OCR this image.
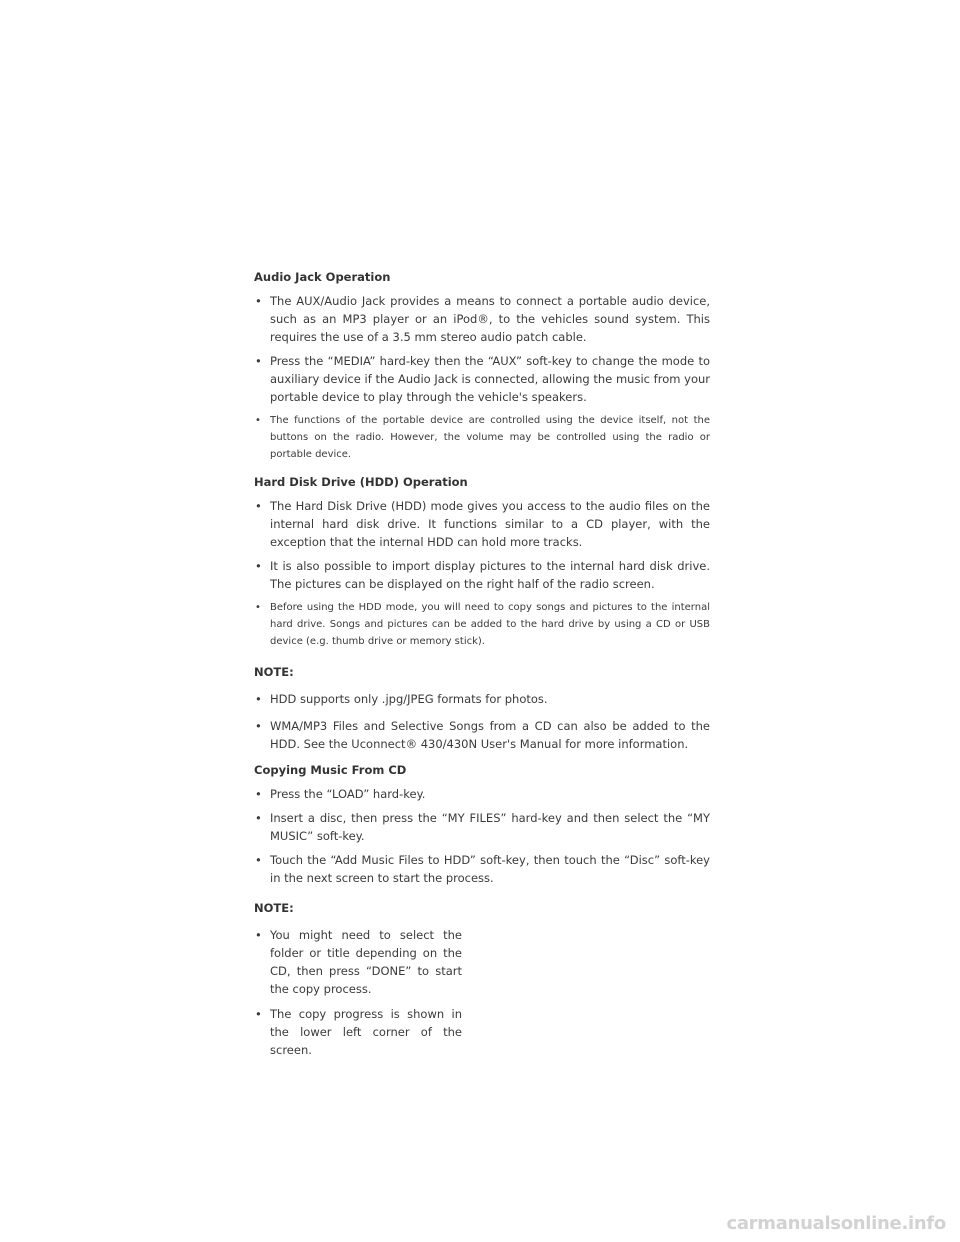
Audio Jack Operation

• The AUX/Audio Jack provides a means to connect a portable audio device, such as an MP3 player or an iPod®, to the vehicles sound system. This requires the use of a 3.5 mm stereo audio patch cable.
• Press the “MEDIA” hard-key then the “AUX” soft-key to change the mode to auxiliary device if the Audio Jack is connected, allowing the music from your portable device to play through the vehicle's speakers.
• The functions of the portable device are controlled using the device itself, not the buttons on the radio. However, the volume may be controlled using the radio or portable device.

Hard Disk Drive (HDD) Operation

• The Hard Disk Drive (HDD) mode gives you access to the audio files on the internal hard disk drive. It functions similar to a CD player, with the exception that the internal HDD can hold more tracks.
• It is also possible to import display pictures to the internal hard disk drive. The pictures can be displayed on the right half of the radio screen.
• Before using the HDD mode, you will need to copy songs and pictures to the internal hard drive. Songs and pictures can be added to the hard drive by using a CD or USB device (e.g. thumb drive or memory stick).

NOTE:

• HDD supports only .jpg/JPEG formats for photos.
• WMA/MP3 Files and Selective Songs from a CD can also be added to the HDD. See the Uconnect® 430/430N User's Manual for more information.

Copying Music From CD

• Press the “LOAD” hard-key.
• Insert a disc, then press the “MY FILES” hard-key and then select the “MY MUSIC” soft-key.
• Touch the “Add Music Files to HDD” soft-key, then touch the “Disc” soft-key in the next screen to start the process.

NOTE:

• You might need to select the folder or title depending on the CD, then press “DONE” to start the copy process.
• The copy progress is shown in the lower left corner of the screen.
carmanualsonline.info
